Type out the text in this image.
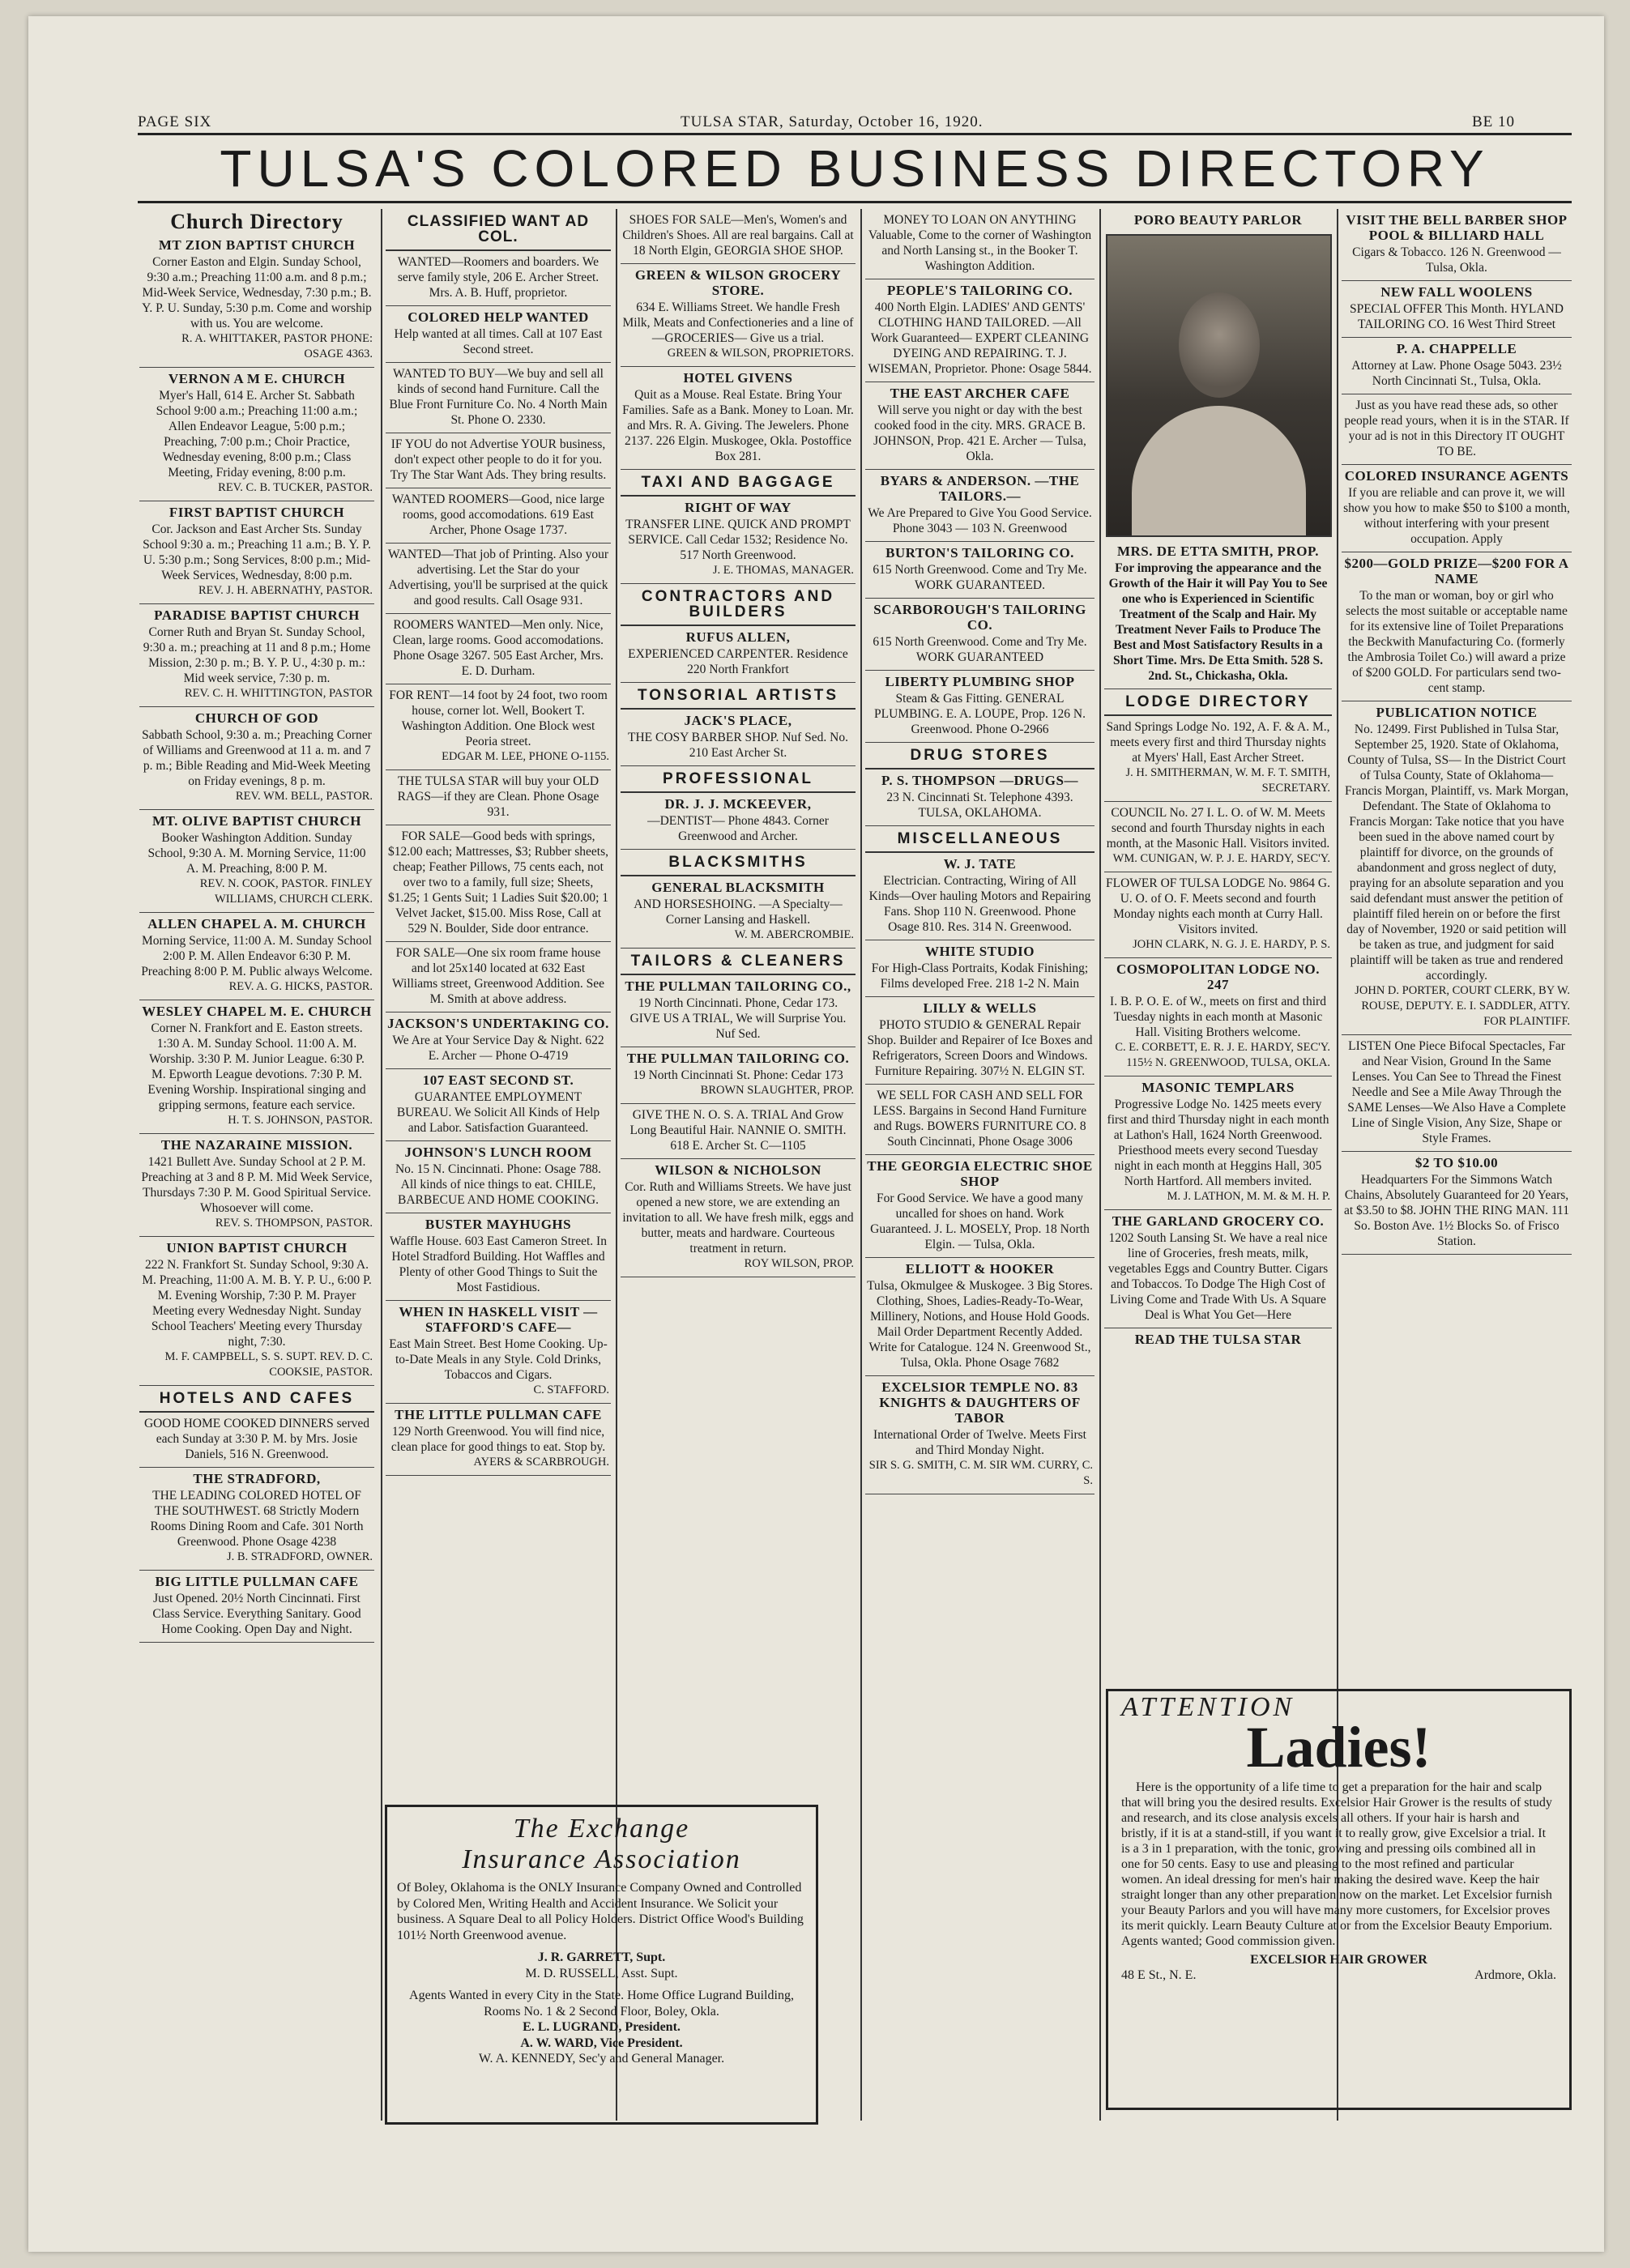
PAGE SIX	TULSA STAR, Saturday, October 16, 1920.	BE 10
TULSA'S COLORED BUSINESS DIRECTORY
Church Directory
MT ZION BAPTIST CHURCH

Corner Easton and Elgin. Sunday School, 9:30 a.m.; Preaching 11:00 a.m. and 8 p.m.; Mid-Week Service, Wednesday, 7:30 p.m.; B. Y. P. U. Sunday, 5:30 p.m. Come and worship with us. You are welcome.

R. A. WHITTAKER, PASTOR PHONE: OSAGE 4363.

VERNON A M E. CHURCH

Myer's Hall, 614 E. Archer St. Sabbath School 9:00 a.m.; Preaching 11:00 a.m.; Allen Endeavor League, 5:00 p.m.; Preaching, 7:00 p.m.; Choir Practice, Wednesday evening, 8:00 p.m.; Class Meeting, Friday evening, 8:00 p.m.

REV. C. B. TUCKER, PASTOR.

FIRST BAPTIST CHURCH

Cor. Jackson and East Archer Sts. Sunday School 9:30 a. m.; Preaching 11 a.m.; B. Y. P. U. 5:30 p.m.; Song Services, 8:00 p.m.; Mid-Week Services, Wednesday, 8:00 p.m.

REV. J. H. ABERNATHY, PASTOR.

PARADISE BAPTIST CHURCH

Corner Ruth and Bryan St. Sunday School, 9:30 a. m.; preaching at 11 and 8 p.m.; Home Mission, 2:30 p. m.; B. Y. P. U., 4:30 p. m.: Mid week service, 7:30 p. m.

REV. C. H. WHITTINGTON, PASTOR

CHURCH OF GOD

Sabbath School, 9:30 a. m.; Preaching Corner of Williams and Greenwood at 11 a. m. and 7 p. m.; Bible Reading and Mid-Week Meeting on Friday evenings, 8 p. m.

REV. WM. BELL, PASTOR.

MT. OLIVE BAPTIST CHURCH

Booker Washington Addition. Sunday School, 9:30 A. M. Morning Service, 11:00 A. M. Preaching, 8:00 P. M.

REV. N. COOK, PASTOR. FINLEY WILLIAMS, CHURCH CLERK.

ALLEN CHAPEL A. M. CHURCH

Morning Service, 11:00 A. M. Sunday School 2:00 P. M. Allen Endeavor 6:30 P. M. Preaching 8:00 P. M. Public always Welcome.

REV. A. G. HICKS, PASTOR.

WESLEY CHAPEL M. E. CHURCH

Corner N. Frankfort and E. Easton streets. 1:30 A. M. Sunday School. 11:00 A. M. Worship. 3:30 P. M. Junior League. 6:30 P. M. Epworth League devotions. 7:30 P. M. Evening Worship. Inspirational singing and gripping sermons, feature each service.

H. T. S. JOHNSON, PASTOR.

THE NAZARAINE MISSION.

1421 Bullett Ave. Sunday School at 2 P. M. Preaching at 3 and 8 P. M. Mid Week Service, Thursdays 7:30 P. M. Good Spiritual Service. Whosoever will come.

REV. S. THOMPSON, PASTOR.

UNION BAPTIST CHURCH

222 N. Frankfort St. Sunday School, 9:30 A. M. Preaching, 11:00 A. M. B. Y. P. U., 6:00 P. M. Evening Worship, 7:30 P. M. Prayer Meeting every Wednesday Night. Sunday School Teachers' Meeting every Thursday night, 7:30.

M. F. CAMPBELL, S. S. SUPT. REV. D. C. COOKSIE, PASTOR.

HOTELS AND CAFES

GOOD HOME COOKED DINNERS served each Sunday at 3:30 P. M. by Mrs. Josie Daniels, 516 N. Greenwood.

THE STRADFORD,

THE LEADING COLORED HOTEL OF THE SOUTHWEST. 68 Strictly Modern Rooms Dining Room and Cafe. 301 North Greenwood. Phone Osage 4238

J. B. STRADFORD, OWNER.

BIG LITTLE PULLMAN CAFE

Just Opened. 20½ North Cincinnati. First Class Service. Everything Sanitary. Good Home Cooking. Open Day and Night.

CLASSIFIED WANT AD COL.

WANTED—Roomers and boarders. We serve family style, 206 E. Archer Street. Mrs. A. B. Huff, proprietor.

COLORED HELP WANTED

Help wanted at all times. Call at 107 East Second street.

WANTED TO BUY—We buy and sell all kinds of second hand Furniture. Call the Blue Front Furniture Co. No. 4 North Main St. Phone O. 2330.

IF YOU do not Advertise YOUR business, don't expect other people to do it for you. Try The Star Want Ads. They bring results.

WANTED ROOMERS—Good, nice large rooms, good accomodations. 619 East Archer, Phone Osage 1737.

WANTED—That job of Printing. Also your advertising. Let the Star do your Advertising, you'll be surprised at the quick and good results. Call Osage 931.

ROOMERS WANTED—Men only. Nice, Clean, large rooms. Good accomodations. Phone Osage 3267. 505 East Archer, Mrs. E. D. Durham.

FOR RENT—14 foot by 24 foot, two room house, corner lot. Well, Bookert T. Washington Addition. One Block west Peoria street.

EDGAR M. LEE, PHONE O-1155.

THE TULSA STAR will buy your OLD RAGS—if they are Clean. Phone Osage 931.

FOR SALE—Good beds with springs, $12.00 each; Mattresses, $3; Rubber sheets, cheap; Feather Pillows, 75 cents each, not over two to a family, full size; Sheets, $1.25; 1 Gents Suit; 1 Ladies Suit $20.00; 1 Velvet Jacket, $15.00. Miss Rose, Call at 529 N. Boulder, Side door entrance.

FOR SALE—One six room frame house and lot 25x140 located at 632 East Williams street, Greenwood Addition. See M. Smith at above address.

JACKSON'S UNDERTAKING CO.

We Are at Your Service Day & Night. 622 E. Archer — Phone O-4719

107 EAST SECOND ST.

GUARANTEE EMPLOYMENT BUREAU. We Solicit All Kinds of Help and Labor. Satisfaction Guaranteed.

JOHNSON'S LUNCH ROOM

No. 15 N. Cincinnati. Phone: Osage 788. All kinds of nice things to eat. CHILE, BARBECUE AND HOME COOKING.

BUSTER MAYHUGHS

Waffle House. 603 East Cameron Street. In Hotel Stradford Building. Hot Waffles and Plenty of other Good Things to Suit the Most Fastidious.

WHEN IN HASKELL VISIT —STAFFORD'S CAFE—

East Main Street. Best Home Cooking. Up-to-Date Meals in any Style. Cold Drinks, Tobaccos and Cigars.

C. STAFFORD.

THE LITTLE PULLMAN CAFE

129 North Greenwood. You will find nice, clean place for good things to eat. Stop by.

AYERS & SCARBROUGH.

SHOES FOR SALE—Men's, Women's and Children's Shoes. All are real bargains. Call at 18 North Elgin, GEORGIA SHOE SHOP.

GREEN & WILSON GROCERY STORE.

634 E. Williams Street. We handle Fresh Milk, Meats and Confectioneries and a line of —GROCERIES— Give us a trial.

GREEN & WILSON, PROPRIETORS.

HOTEL GIVENS

Quit as a Mouse. Real Estate. Bring Your Families. Safe as a Bank. Money to Loan. Mr. and Mrs. R. A. Giving. The Jewelers. Phone 2137. 226 Elgin. Muskogee, Okla. Postoffice Box 281.

TAXI AND BAGGAGE
RIGHT OF WAY

TRANSFER LINE. QUICK AND PROMPT SERVICE. Call Cedar 1532; Residence No. 517 North Greenwood.

J. E. THOMAS, MANAGER.

CONTRACTORS AND BUILDERS
RUFUS ALLEN,

EXPERIENCED CARPENTER. Residence 220 North Frankfort

TONSORIAL ARTISTS
JACK'S PLACE,

THE COSY BARBER SHOP. Nuf Sed. No. 210 East Archer St.

PROFESSIONAL
DR. J. J. MCKEEVER,

—DENTIST— Phone 4843. Corner Greenwood and Archer.

BLACKSMITHS
GENERAL BLACKSMITH

AND HORSESHOING. —A Specialty— Corner Lansing and Haskell.

W. M. ABERCROMBIE.

TAILORS & CLEANERS
THE PULLMAN TAILORING CO.,

19 North Cincinnati. Phone, Cedar 173. GIVE US A TRIAL, We will Surprise You. Nuf Sed.

THE PULLMAN TAILORING CO.

19 North Cincinnati St. Phone: Cedar 173

BROWN SLAUGHTER, PROP.

GIVE THE N. O. S. A. TRIAL And Grow Long Beautiful Hair. NANNIE O. SMITH. 618 E. Archer St. C—1105

WILSON & NICHOLSON

Cor. Ruth and Williams Streets. We have just opened a new store, we are extending an invitation to all. We have fresh milk, eggs and butter, meats and hardware. Courteous treatment in return.

ROY WILSON, PROP.

MONEY TO LOAN ON ANYTHING Valuable, Come to the corner of Washington and North Lansing st., in the Booker T. Washington Addition.

PEOPLE'S TAILORING CO.

400 North Elgin. LADIES' AND GENTS' CLOTHING HAND TAILORED. —All Work Guaranteed— EXPERT CLEANING DYEING AND REPAIRING. T. J. WISEMAN, Proprietor. Phone: Osage 5844.

THE EAST ARCHER CAFE

Will serve you night or day with the best cooked food in the city. MRS. GRACE B. JOHNSON, Prop. 421 E. Archer — Tulsa, Okla.

BYARS & ANDERSON. —THE TAILORS.—

We Are Prepared to Give You Good Service. Phone 3043 — 103 N. Greenwood

BURTON'S TAILORING CO.

615 North Greenwood. Come and Try Me. WORK GUARANTEED.

SCARBOROUGH'S TAILORING CO.

615 North Greenwood. Come and Try Me. WORK GUARANTEED

LIBERTY PLUMBING SHOP

Steam & Gas Fitting. GENERAL PLUMBING. E. A. LOUPE, Prop. 126 N. Greenwood. Phone O-2966

DRUG STORES
P. S. THOMPSON —DRUGS—

23 N. Cincinnati St. Telephone 4393. TULSA, OKLAHOMA.

MISCELLANEOUS
W. J. TATE

Electrician. Contracting, Wiring of All Kinds—Over hauling Motors and Repairing Fans. Shop 110 N. Greenwood. Phone Osage 810. Res. 314 N. Greenwood.

WHITE STUDIO

For High-Class Portraits, Kodak Finishing; Films developed Free. 218 1-2 N. Main

LILLY & WELLS

PHOTO STUDIO & GENERAL Repair Shop. Builder and Repairer of Ice Boxes and Refrigerators, Screen Doors and Windows. Furniture Repairing. 307½ N. ELGIN ST.

WE SELL FOR CASH AND SELL FOR LESS. Bargains in Second Hand Furniture and Rugs. BOWERS FURNITURE CO. 8 South Cincinnati, Phone Osage 3006

THE GEORGIA ELECTRIC SHOE SHOP

For Good Service. We have a good many uncalled for shoes on hand. Work Guaranteed. J. L. MOSELY, Prop. 18 North Elgin. — Tulsa, Okla.

ELLIOTT & HOOKER

Tulsa, Okmulgee & Muskogee. 3 Big Stores. Clothing, Shoes, Ladies-Ready-To-Wear, Millinery, Notions, and House Hold Goods. Mail Order Department Recently Added. Write for Catalogue. 124 N. Greenwood St., Tulsa, Okla. Phone Osage 7682

EXCELSIOR TEMPLE NO. 83 KNIGHTS & DAUGHTERS OF TABOR

International Order of Twelve. Meets First and Third Monday Night.

SIR S. G. SMITH, C. M. SIR WM. CURRY, C. S.

PORO BEAUTY PARLOR
MRS. DE ETTA SMITH, PROP.

For improving the appearance and the Growth of the Hair it will Pay You to See one who is Experienced in Scientific Treatment of the Scalp and Hair. My Treatment Never Fails to Produce The Best and Most Satisfactory Results in a Short Time. Mrs. De Etta Smith. 528 S. 2nd. St., Chickasha, Okla.

LODGE DIRECTORY

Sand Springs Lodge No. 192, A. F. & A. M., meets every first and third Thursday nights at Myers' Hall, East Archer Street.

J. H. SMITHERMAN, W. M. F. T. SMITH, SECRETARY.

COUNCIL No. 27 I. L. O. of W. M. Meets second and fourth Thursday nights in each month, at the Masonic Hall. Visitors invited.

WM. CUNIGAN, W. P. J. E. HARDY, SEC'Y.

FLOWER OF TULSA LODGE No. 9864 G. U. O. of O. F. Meets second and fourth Monday nights each month at Curry Hall. Visitors invited.

JOHN CLARK, N. G. J. E. HARDY, P. S.

COSMOPOLITAN LODGE NO. 247

I. B. P. O. E. of W., meets on first and third Tuesday nights in each month at Masonic Hall. Visiting Brothers welcome.

C. E. CORBETT, E. R. J. E. HARDY, SEC'Y. 115½ N. GREENWOOD, TULSA, OKLA.

MASONIC TEMPLARS

Progressive Lodge No. 1425 meets every first and third Thursday night in each month at Lathon's Hall, 1624 North Greenwood. Priesthood meets every second Tuesday night in each month at Heggins Hall, 305 North Hartford. All members invited.

M. J. LATHON, M. M. & M. H. P.

THE GARLAND GROCERY CO.

1202 South Lansing St. We have a real nice line of Groceries, fresh meats, milk, vegetables Eggs and Country Butter. Cigars and Tobaccos. To Dodge The High Cost of Living Come and Trade With Us. A Square Deal is What You Get—Here

READ THE TULSA STAR
VISIT THE BELL BARBER SHOP POOL & BILLIARD HALL

Cigars & Tobacco. 126 N. Greenwood — Tulsa, Okla.

NEW FALL WOOLENS

SPECIAL OFFER This Month. HYLAND TAILORING CO. 16 West Third Street

P. A. CHAPPELLE

Attorney at Law. Phone Osage 5043. 23½ North Cincinnati St., Tulsa, Okla.

Just as you have read these ads, so other people read yours, when it is in the STAR. If your ad is not in this Directory IT OUGHT TO BE.

COLORED INSURANCE AGENTS

If you are reliable and can prove it, we will show you how to make $50 to $100 a month, without interfering with your present occupation. Apply

$200—GOLD PRIZE—$200 FOR A NAME

To the man or woman, boy or girl who selects the most suitable or acceptable name for its extensive line of Toilet Preparations the Beckwith Manufacturing Co. (formerly the Ambrosia Toilet Co.) will award a prize of $200 GOLD. For particulars send two-cent stamp.

PUBLICATION NOTICE

No. 12499. First Published in Tulsa Star, September 25, 1920. State of Oklahoma, County of Tulsa, SS— In the District Court of Tulsa County, State of Oklahoma— Francis Morgan, Plaintiff, vs. Mark Morgan, Defendant. The State of Oklahoma to Francis Morgan: Take notice that you have been sued in the above named court by plaintiff for divorce, on the grounds of abandonment and gross neglect of duty, praying for an absolute separation and you said defendant must answer the petition of plaintiff filed herein on or before the first day of November, 1920 or said petition will be taken as true, and judgment for said plaintiff will be taken as true and rendered accordingly.

JOHN D. PORTER, COURT CLERK, BY W. ROUSE, DEPUTY. E. I. SADDLER, ATTY. FOR PLAINTIFF.

LISTEN One Piece Bifocal Spectacles, Far and Near Vision, Ground In the Same Lenses. You Can See to Thread the Finest Needle and See a Mile Away Through the SAME Lenses—We Also Have a Complete Line of Single Vision, Any Size, Shape or Style Frames.

$2 TO $10.00

Headquarters For the Simmons Watch Chains, Absolutely Guaranteed for 20 Years, at $3.50 to $8. JOHN THE RING MAN. 111 So. Boston Ave. 1½ Blocks So. of Frisco Station.

The Exchange
Insurance Association
Of Boley, Oklahoma is the ONLY Insurance Company Owned and Controlled by Colored Men, Writing Health and Accident Insurance. We Solicit your business. A Square Deal to all Policy Holders. District Office Wood's Building 101½ North Greenwood avenue.
J. R. GARRETT, Supt.
M. D. RUSSELL, Asst. Supt.
Agents Wanted in every City in the State. Home Office Lugrand Building, Rooms No. 1 & 2 Second Floor, Boley, Okla.
E. L. LUGRAND, President.
A. W. WARD, Vice President.
W. A. KENNEDY, Sec'y and General Manager.
ATTENTION
Ladies!
Here is the opportunity of a life time to get a preparation for the hair and scalp that will bring you the desired results. Excelsior Hair Grower is the results of study and research, and its close analysis excels all others. If your hair is harsh and bristly, if it is at a stand-still, if you want it to really grow, give Excelsior a trial. It is a 3 in 1 preparation, with the tonic, growing and pressing oils combined all in one for 50 cents. Easy to use and pleasing to the most refined and particular women. An ideal dressing for men's hair making the desired wave. Keep the hair straight longer than any other preparation now on the market. Let Excelsior furnish your Beauty Parlors and you will have many more customers, for Excelsior proves its merit quickly. Learn Beauty Culture at or from the Excelsior Beauty Emporium. Agents wanted; Good commission given.
EXCELSIOR HAIR GROWER
48 E St., N. E.	Ardmore, Okla.
